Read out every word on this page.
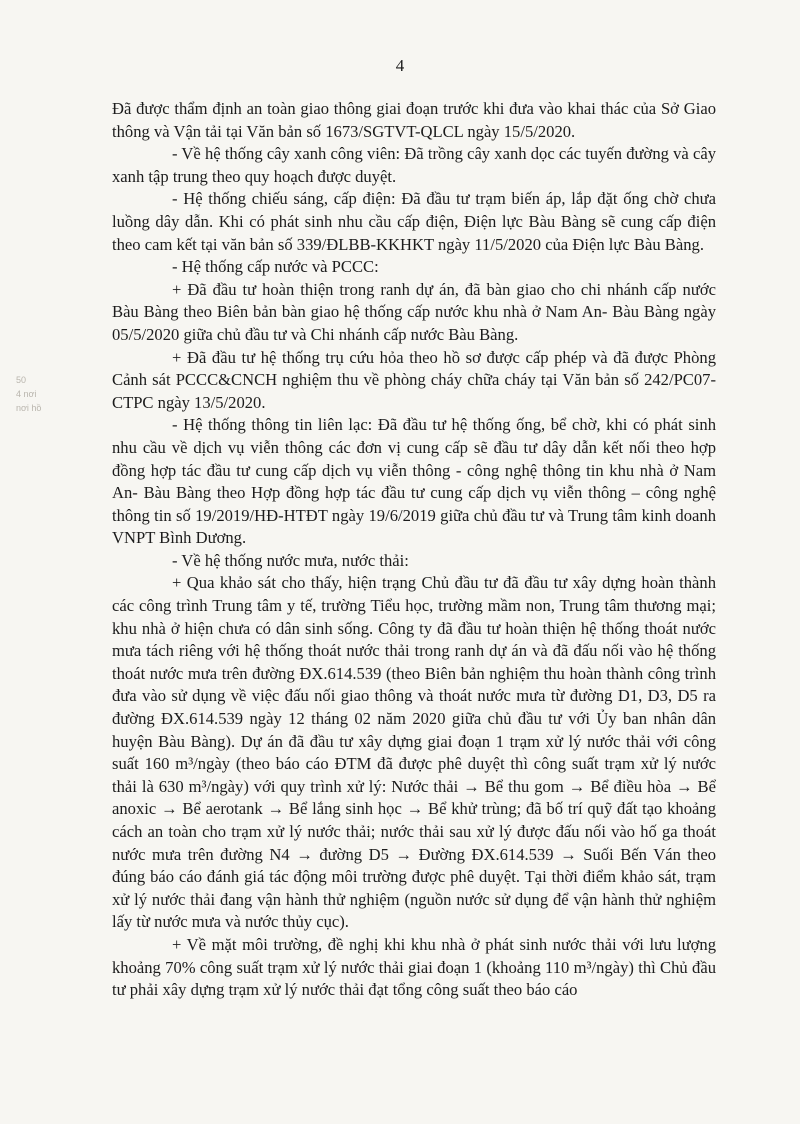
4
50
4 nơi
nơi hồ

Đã được thẩm định an toàn giao thông giai đoạn trước khi đưa vào khai thác của Sở Giao thông và Vận tải tại Văn bản số 1673/SGTVT-QLCL ngày 15/5/2020.

- Về hệ thống cây xanh công viên: Đã trồng cây xanh dọc các tuyến đường và cây xanh tập trung theo quy hoạch được duyệt.

- Hệ thống chiếu sáng, cấp điện: Đã đầu tư trạm biến áp, lắp đặt ống chờ chưa luồng dây dẫn. Khi có phát sinh nhu cầu cấp điện, Điện lực Bàu Bàng sẽ cung cấp điện theo cam kết tại văn bản số 339/ĐLBB-KKHKT ngày 11/5/2020 của Điện lực Bàu Bàng.

- Hệ thống cấp nước và PCCC:

+ Đã đầu tư hoàn thiện trong ranh dự án, đã bàn giao cho chi nhánh cấp nước Bàu Bàng theo Biên bản bàn giao hệ thống cấp nước khu nhà ở Nam An- Bàu Bàng ngày 05/5/2020 giữa chủ đầu tư và Chi nhánh cấp nước Bàu Bàng.

+ Đã đầu tư hệ thống trụ cứu hỏa theo hồ sơ được cấp phép và đã được Phòng Cảnh sát PCCC&CNCH nghiệm thu về phòng cháy chữa cháy tại Văn bản số 242/PC07-CTPC ngày 13/5/2020.

- Hệ thống thông tin liên lạc: Đã đầu tư hệ thống ống, bể chờ, khi có phát sinh nhu cầu về dịch vụ viễn thông các đơn vị cung cấp sẽ đầu tư dây dẫn kết nối theo hợp đồng hợp tác đầu tư cung cấp dịch vụ viễn thông - công nghệ thông tin khu nhà ở Nam An- Bàu Bàng theo Hợp đồng hợp tác đầu tư cung cấp dịch vụ viễn thông – công nghệ thông tin số 19/2019/HĐ-HTĐT ngày 19/6/2019 giữa chủ đầu tư và Trung tâm kinh doanh VNPT Bình Dương.

- Về hệ thống nước mưa, nước thải:

+ Qua khảo sát cho thấy, hiện trạng Chủ đầu tư đã đầu tư xây dựng hoàn thành các công trình Trung tâm y tế, trường Tiểu học, trường mầm non, Trung tâm thương mại; khu nhà ở hiện chưa có dân sinh sống. Công ty đã đầu tư hoàn thiện hệ thống thoát nước mưa tách riêng với hệ thống thoát nước thải trong ranh dự án và đã đấu nối vào hệ thống thoát nước mưa trên đường ĐX.614.539 (theo Biên bản nghiệm thu hoàn thành công trình đưa vào sử dụng về việc đấu nối giao thông và thoát nước mưa từ đường D1, D3, D5 ra đường ĐX.614.539 ngày 12 tháng 02 năm 2020 giữa chủ đầu tư với Ủy ban nhân dân huyện Bàu Bàng). Dự án đã đầu tư xây dựng giai đoạn 1 trạm xử lý nước thải với công suất 160 m³/ngày (theo báo cáo ĐTM đã được phê duyệt thì công suất trạm xử lý nước thải là 630 m³/ngày) với quy trình xử lý: Nước thải → Bể thu gom → Bể điều hòa → Bể anoxic → Bể aerotank → Bể lắng sinh học → Bể khử trùng; đã bố trí quỹ đất tạo khoảng cách an toàn cho trạm xử lý nước thải; nước thải sau xử lý được đấu nối vào hố ga thoát nước mưa trên đường N4 → đường D5 → Đường ĐX.614.539 → Suối Bến Ván theo đúng báo cáo đánh giá tác động môi trường được phê duyệt. Tại thời điểm khảo sát, trạm xử lý nước thải đang vận hành thử nghiệm (nguồn nước sử dụng để vận hành thử nghiệm lấy từ nước mưa và nước thủy cục).

+ Về mặt môi trường, đề nghị khi khu nhà ở phát sinh nước thải với lưu lượng khoảng 70% công suất trạm xử lý nước thải giai đoạn 1 (khoảng 110 m³/ngày) thì Chủ đầu tư phải xây dựng trạm xử lý nước thải đạt tổng công suất theo báo cáo
